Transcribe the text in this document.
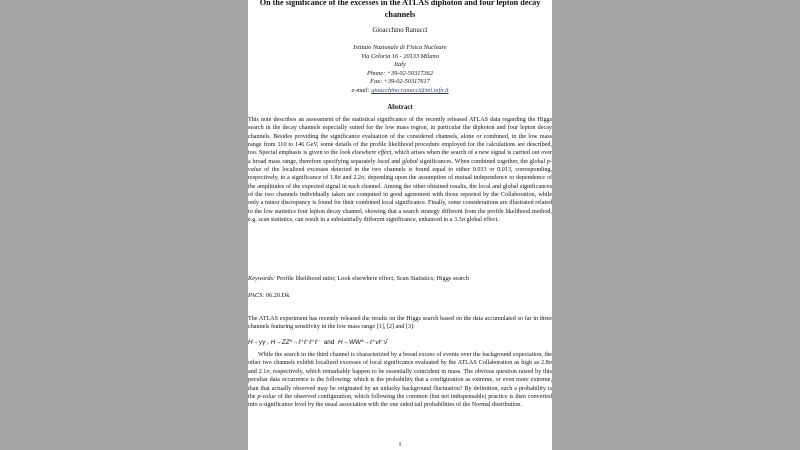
On the significance of the excesses in the ATLAS diphoton and four lepton decay channels
Gioacchino Ranucci
Istituto Nazionale di Fisica Nucleare
Via Celoria 16 - 20133 Milano
Italy
Phone: +39-02-50317362
Fax: +39-02-50317617
e-mail: gioacchino.ranucci@mi.infn.it
Abstract

This note describes an assessment of the statistical significance of the recently released ATLAS data regarding the Higgs search in the decay channels especially suited for the low mass region, in particular the diphoton and four lepton decay channels. Besides providing the significance evaluation of the considered channels, alone or combined, in the low mass range from 110 to 146 GeV, some details of the profile likelihood procedure employed for the calculations are described, too. Special emphasis is given to the look elsewhere effect, which arises when the search of a new signal is carried out over a broad mass range, therefore specifying separately local and global significances. When combined together, the global p-value of the localized excesses detected in the two channels is found equal to either 0.033 or 0.013, corresponding, respectively, to a significance of 1.8σ and 2.2σ, depending upon the assumption of mutual independence or dependence of the amplitudes of the expected signal in each channel. Among the other obtained results, the local and global significances of the two channels individually taken are computed in good agreement with those reported by the Collaboration, while only a minor discrepancy is found for their combined local significance. Finally, some considerations are illustrated related to the low statistics four lepton decay channel, showing that a search strategy different from the profile likelihood method, e.g. scan statistics, can result in a substantially different significance, enhanced to a 3.3σ global effect.

Keywords: Profile likelihood ratio; Look elsewhere effect; Scan Statistics; Higgs search
PACS: 06.20.Dk

The ATLAS experiment has recently released the results on the Higgs search based on the data accumulated so far in three channels featuring sensitivity in the low mass range [1], [2] and [3]:

H→γγ , H→ZZ*→ℓ⁺ℓ⁻ℓ⁺ℓ⁻ and H→WW*→ℓ⁺νℓ⁻ν̄

While the search in the third channel is characterized by a broad excess of events over the background expectation, the other two channels exhibit localized excesses of local significance evaluated by the ATLAS Collaboration as high as 2.8σ and 2.1σ, respectively, which remarkably happen to be essentially coincident in mass. The obvious question raised by this peculiar data occurrence is the following: which is the probability that a configuration as extreme, or even more extreme, than that actually observed may be originated by an unlucky background fluctuation? By definition, such a probability is the p-value of the observed configuration, which following the common (but not indispensable) practice is then converted into a significance level by the usual association with the one sided tail probabilities of the Normal distribution.

1
